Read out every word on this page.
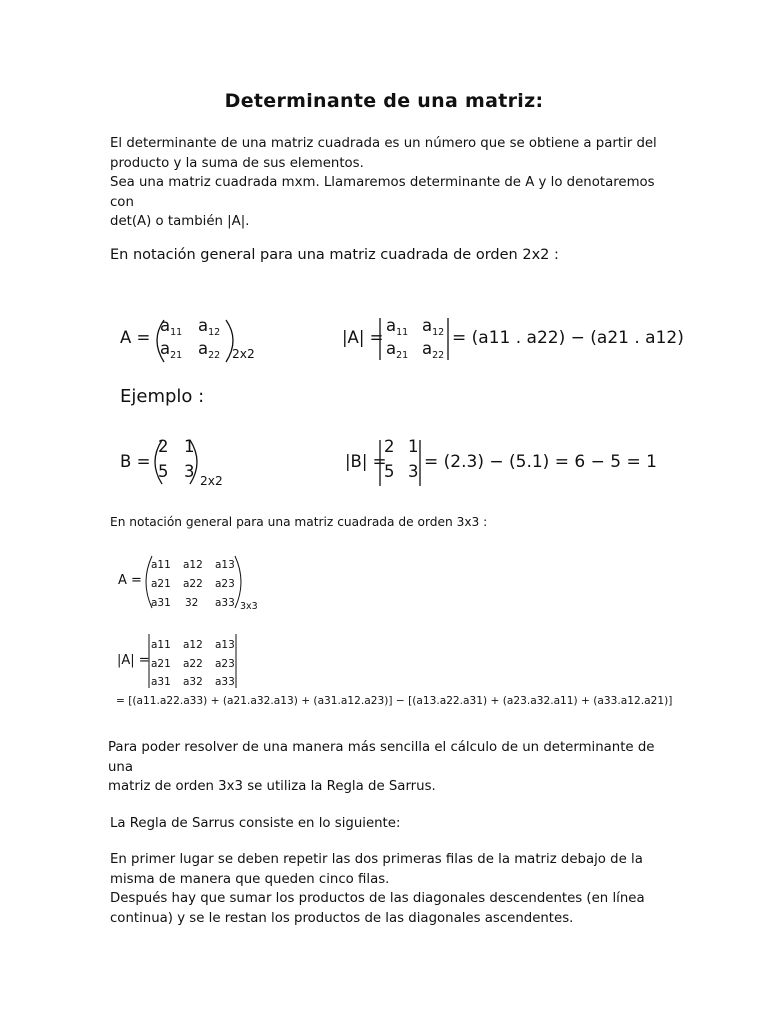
Determinante de una matriz:
El determinante de una matriz cuadrada es un número que se obtiene a partir del
producto y la suma de sus elementos.
Sea una matriz cuadrada mxm. Llamaremos determinante de A y lo denotaremos
con
det(A) o también |A|.

En notación general para una matriz cuadrada de orden 2x2 :

A =
$a_{11}$ $a_{12}$
$a_{21}$ $a_{22}$ 2x2
|A| =
$a_{11}$ $a_{12}$
$a_{21}$ $a_{22}$
= (a11 . a22) − (a21 . a12)

Ejemplo :

B =
2 1
5 3 2x2
|B| =
2 1
5 3 = (2.3) − (5.1) = 6 − 5 = 1

En notación general para una matriz cuadrada de orden 3x3 :

A =
a11 a12 a13
a21 a22 a23
a31 32 a33 3x3
|A| =
a11 a12 a13
a21 a22 a23
a31 a32 a33
= [(a11.a22.a33) + (a21.a32.a13) + (a31.a12.a23)] − [(a13.a22.a31) + (a23.a32.a11) + (a33.a12.a21)]
Para poder resolver de una manera más sencilla el cálculo de un determinante de
una
matriz de orden 3x3 se utiliza la Regla de Sarrus.

La Regla de Sarrus consiste en lo siguiente:

En primer lugar se deben repetir las dos primeras filas de la matriz debajo de la
misma de manera que queden cinco filas.
Después hay que sumar los productos de las diagonales descendentes (en línea
continua) y se le restan los productos de las diagonales ascendentes.
